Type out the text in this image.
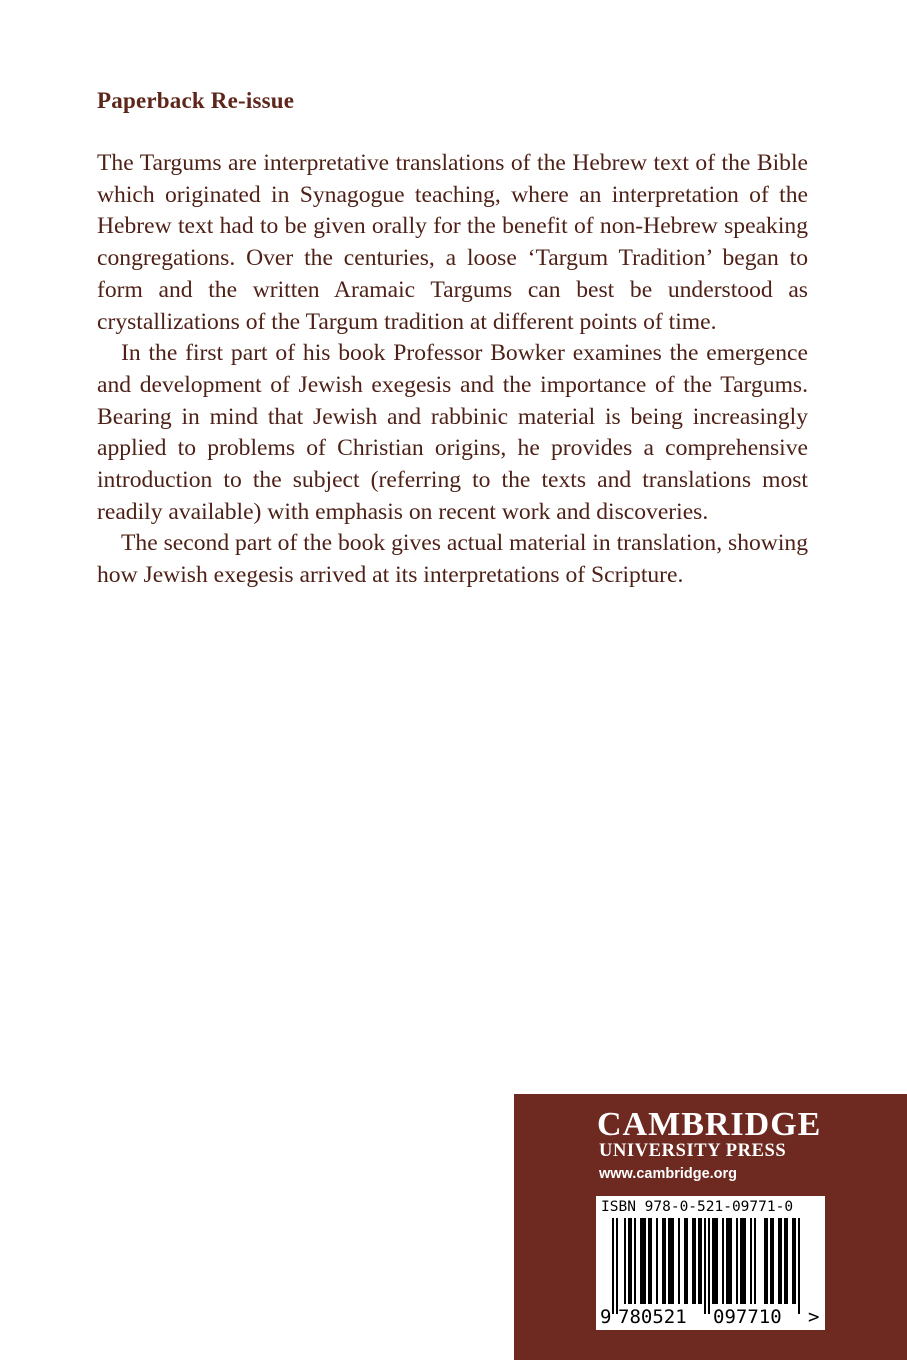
Paperback Re-issue

The Targums are interpretative translations of the Hebrew text of the Bible which originated in Synagogue teaching, where an interpretation of the Hebrew text had to be given orally for the benefit of non-Hebrew speaking congregations. Over the centuries, a loose ‘Targum Tradition’ began to form and the written Aramaic Targums can best be understood as crystallizations of the Targum tradition at different points of time.

In the first part of his book Professor Bowker examines the emergence and development of Jewish exegesis and the importance of the Targums. Bearing in mind that Jewish and rabbinic material is being increasingly applied to problems of Christian origins, he provides a comprehensive introduction to the subject (referring to the texts and translations most readily available) with emphasis on recent work and discoveries.

The second part of the book gives actual material in translation, showing how Jewish exegesis arrived at its interpretations of Scripture.

CAMBRIDGE
UNIVERSITY PRESS
www.cambridge.org
ISBN 978-0-521-09771-0
9 780521 097710 >
